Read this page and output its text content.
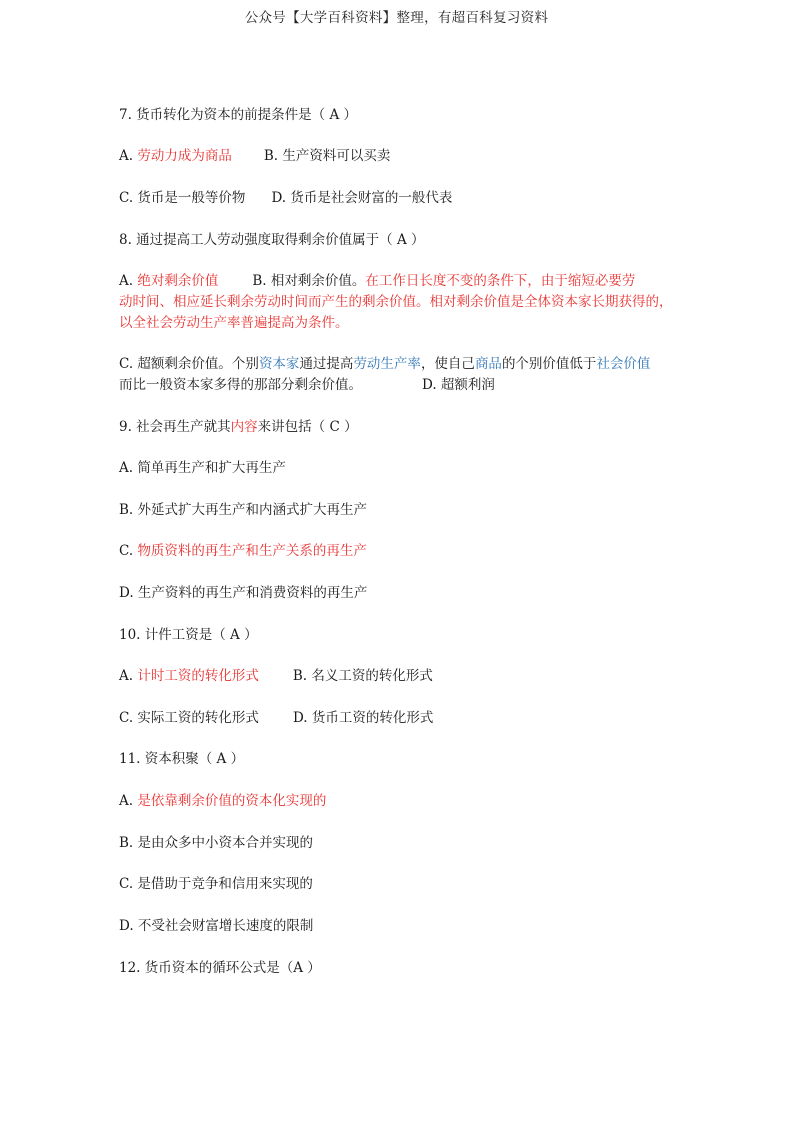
公众号【大学百科资料】整理，有超百科复习资料
7. 货币转化为资本的前提条件是（ A ）
A. 劳动力成为商品 B. 生产资料可以买卖
C. 货币是一般等价物 D. 货币是社会财富的一般代表
8. 通过提高工人劳动强度取得剩余价值属于（ A ）
A. 绝对剩余价值	B. 相对剩余价值。在工作日长度不变的条件下，由于缩短必要劳
动时间、相应延长剩余劳动时间而产生的剩余价值。相对剩余价值是全体资本家长期获得的，
以全社会劳动生产率普遍提高为条件。
C. 超额剩余价值。个别资本家通过提高劳动生产率，使自己商品的个别价值低于社会价值
而比一般资本家多得的那部分剩余价值。	D. 超额利润
9. 社会再生产就其内容来讲包括（ C ）
A. 简单再生产和扩大再生产
B. 外延式扩大再生产和内涵式扩大再生产
C. 物质资料的再生产和生产关系的再生产
D. 生产资料的再生产和消费资料的再生产
10. 计件工资是（ A ）
A. 计时工资的转化形式	B. 名义工资的转化形式
C. 实际工资的转化形式	D. 货币工资的转化形式
11. 资本积聚（ A ）
A. 是依靠剩余价值的资本化实现的
B. 是由众多中小资本合并实现的
C. 是借助于竞争和信用来实现的
D. 不受社会财富增长速度的限制
12. 货币资本的循环公式是（A ）
